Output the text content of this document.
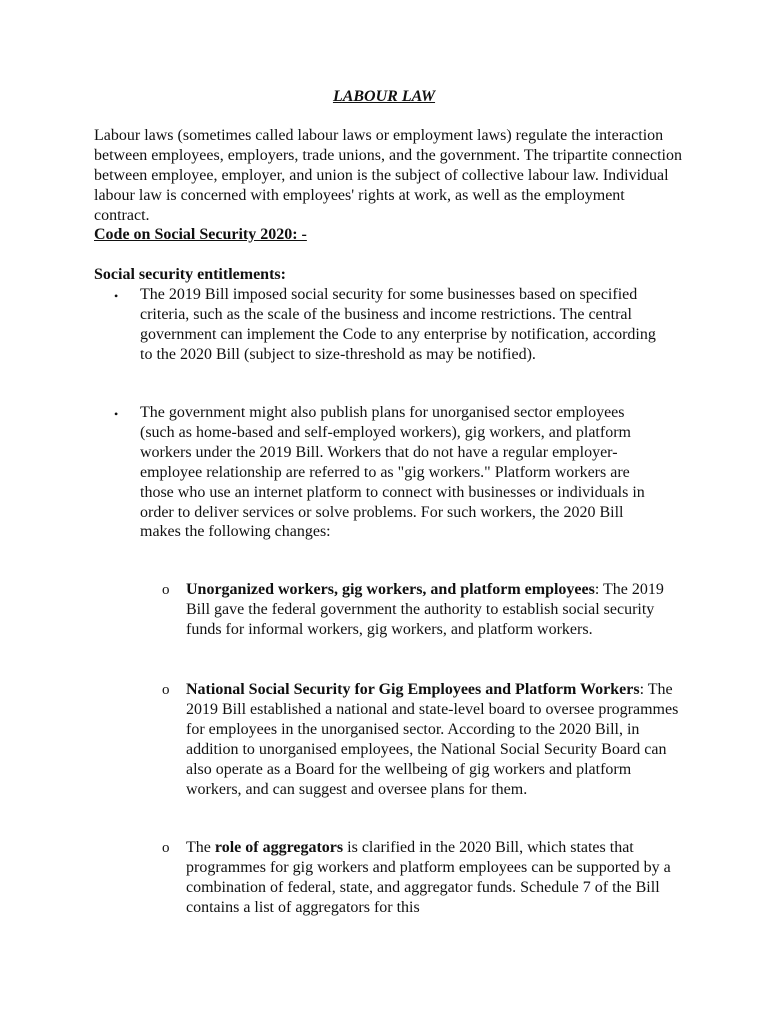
LABOUR LAW

Labour laws (sometimes called labour laws or employment laws) regulate the interaction between employees, employers, trade unions, and the government. The tripartite connection between employee, employer, and union is the subject of collective labour law. Individual labour law is concerned with employees' rights at work, as well as the employment contract.

Code on Social Security 2020: -

Social security entitlements:

• The 2019 Bill imposed social security for some businesses based on specified criteria, such as the scale of the business and income restrictions. The central government can implement the Code to any enterprise by notification, according to the 2020 Bill (subject to size-threshold as may be notified).

• The government might also publish plans for unorganised sector employees (such as home-based and self-employed workers), gig workers, and platform workers under the 2019 Bill. Workers that do not have a regular employer-employee relationship are referred to as "gig workers." Platform workers are those who use an internet platform to connect with businesses or individuals in order to deliver services or solve problems. For such workers, the 2020 Bill makes the following changes:

o Unorganized workers, gig workers, and platform employees: The 2019 Bill gave the federal government the authority to establish social security funds for informal workers, gig workers, and platform workers.

o National Social Security for Gig Employees and Platform Workers: The 2019 Bill established a national and state-level board to oversee programmes for employees in the unorganised sector. According to the 2020 Bill, in addition to unorganised employees, the National Social Security Board can also operate as a Board for the wellbeing of gig workers and platform workers, and can suggest and oversee plans for them.

o The role of aggregators is clarified in the 2020 Bill, which states that programmes for gig workers and platform employees can be supported by a combination of federal, state, and aggregator funds. Schedule 7 of the Bill contains a list of aggregators for this
